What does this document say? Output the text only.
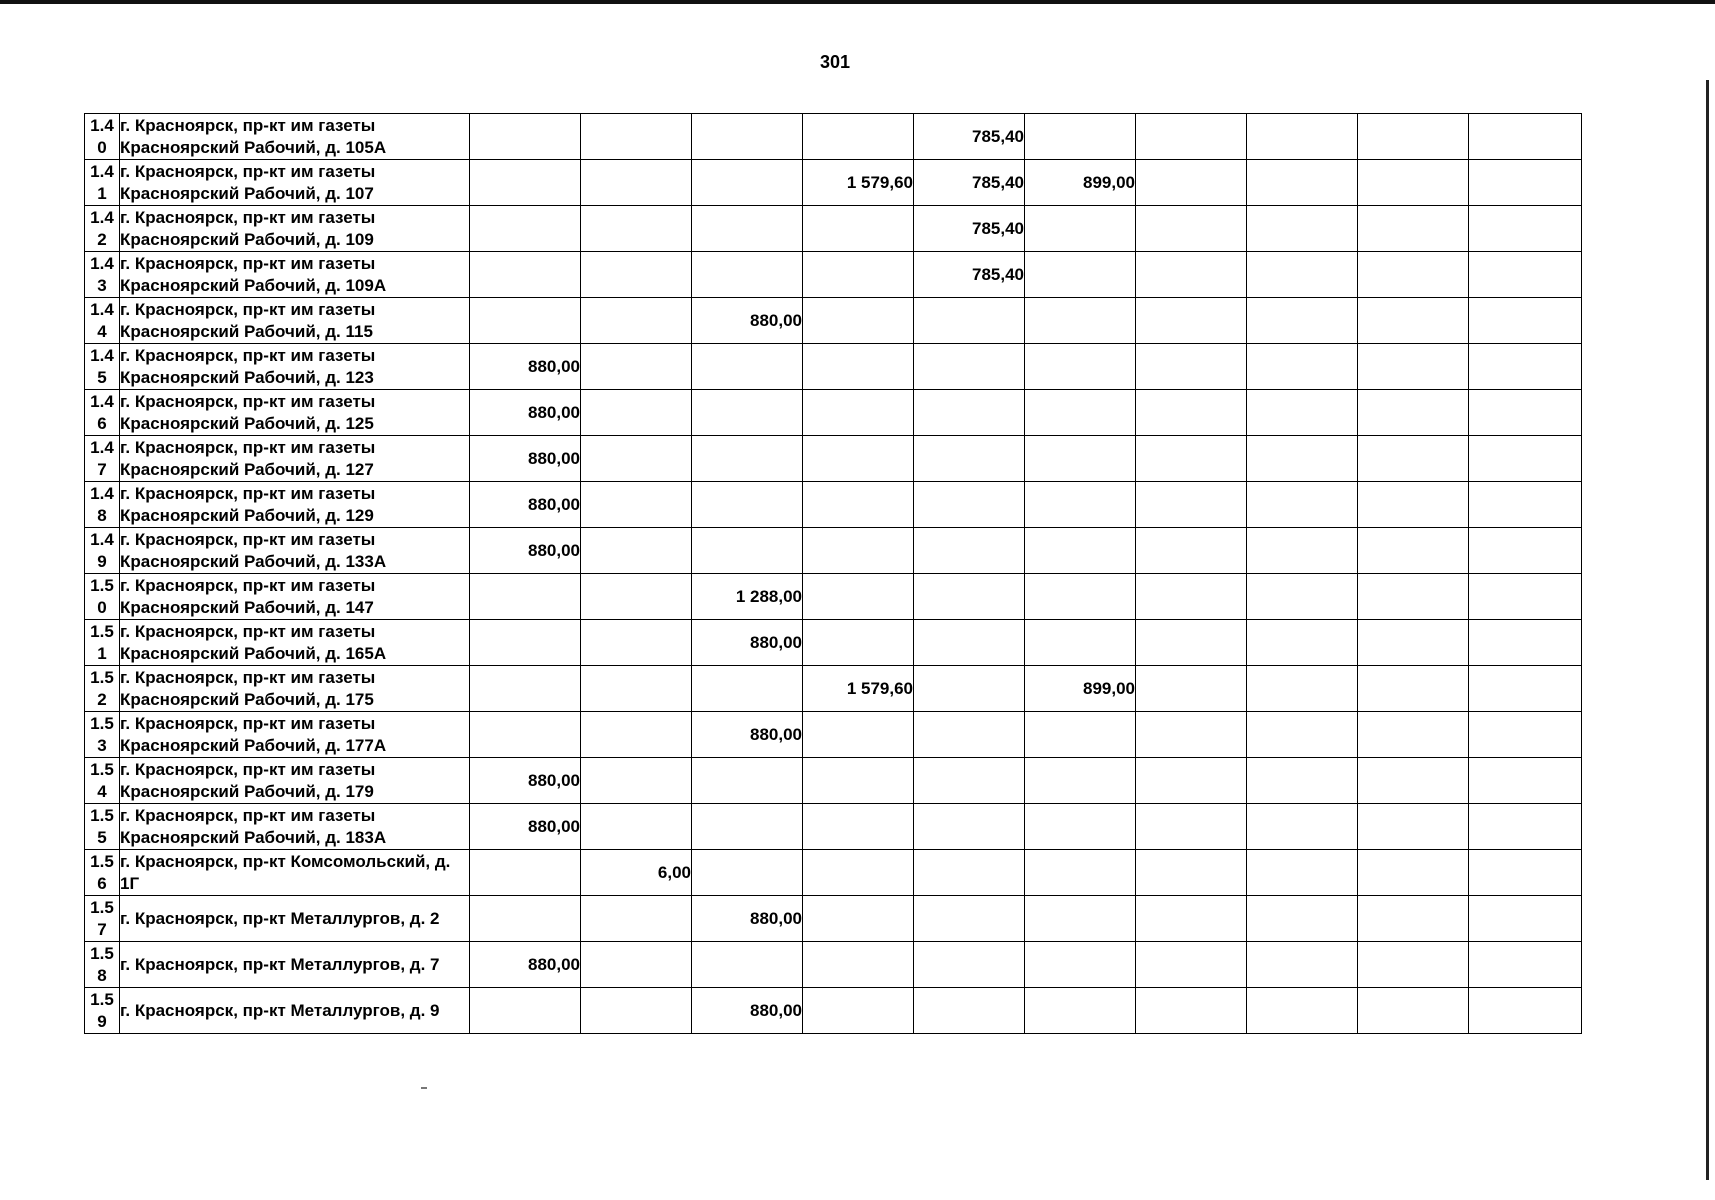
301
1.4
0	г. Красноярск, пр-кт им газеты
Красноярский Рабочий, д. 105А					785,40					

1.4
1	г. Красноярск, пр-кт им газеты
Красноярский Рабочий, д. 107				1 579,60	785,40	899,00				

1.4
2	г. Красноярск, пр-кт им газеты
Красноярский Рабочий, д. 109					785,40					

1.4
3	г. Красноярск, пр-кт им газеты
Красноярский Рабочий, д. 109А					785,40					

1.4
4	г. Красноярск, пр-кт им газеты
Красноярский Рабочий, д. 115			880,00							

1.4
5	г. Красноярск, пр-кт им газеты
Красноярский Рабочий, д. 123	880,00									

1.4
6	г. Красноярск, пр-кт им газеты
Красноярский Рабочий, д. 125	880,00									

1.4
7	г. Красноярск, пр-кт им газеты
Красноярский Рабочий, д. 127	880,00									

1.4
8	г. Красноярск, пр-кт им газеты
Красноярский Рабочий, д. 129	880,00									

1.4
9	г. Красноярск, пр-кт им газеты
Красноярский Рабочий, д. 133А	880,00									

1.5
0	г. Красноярск, пр-кт им газеты
Красноярский Рабочий, д. 147			1 288,00							

1.5
1	г. Красноярск, пр-кт им газеты
Красноярский Рабочий, д. 165А			880,00							

1.5
2	г. Красноярск, пр-кт им газеты
Красноярский Рабочий, д. 175				1 579,60		899,00				

1.5
3	г. Красноярск, пр-кт им газеты
Красноярский Рабочий, д. 177А			880,00							

1.5
4	г. Красноярск, пр-кт им газеты
Красноярский Рабочий, д. 179	880,00									

1.5
5	г. Красноярск, пр-кт им газеты
Красноярский Рабочий, д. 183А	880,00									

1.5
6	г. Красноярск, пр-кт Комсомольский, д.
1Г		6,00								

1.5
7	г. Красноярск, пр-кт Металлургов, д. 2			880,00							

1.5
8	г. Красноярск, пр-кт Металлургов, д. 7	880,00									

1.5
9	г. Красноярск, пр-кт Металлургов, д. 9			880,00							
